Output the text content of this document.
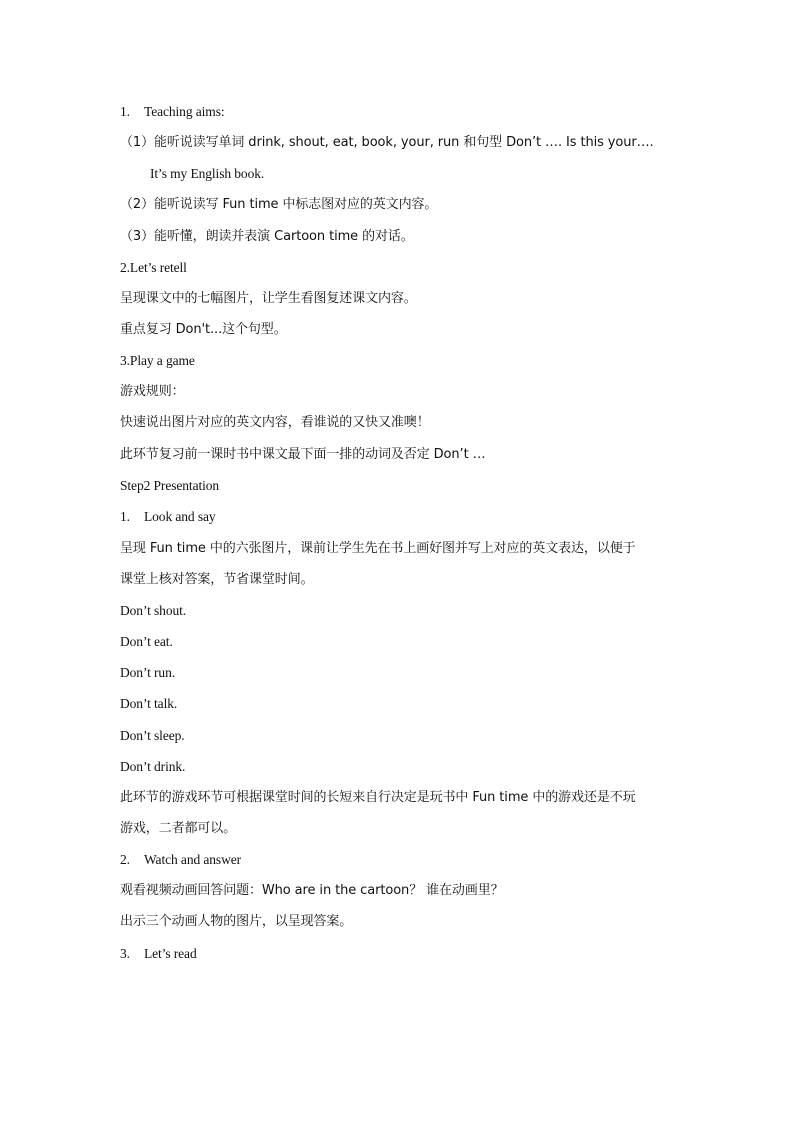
1. Teaching aims:
（1）能听说读写单词 drink, shout, eat, book, your, run 和句型 Don’t …. Is this your….
It’s my English book.
（2）能听说读写 Fun time 中标志图对应的英文内容。
（3）能听懂，朗读并表演 Cartoon time 的对话。
2.Let’s retell
呈现课文中的七幅图片，让学生看图复述课文内容。
重点复习 Don't...这个句型。
3.Play a game
游戏规则：
快速说出图片对应的英文内容，看谁说的又快又准噢！
此环节复习前一课时书中课文最下面一排的动词及否定 Don’t …
Step2 Presentation
1. Look and say
呈现 Fun time 中的六张图片，课前让学生先在书上画好图并写上对应的英文表达，以便于
课堂上核对答案，节省课堂时间。
Don’t shout.
Don’t eat.
Don’t run.
Don’t talk.
Don’t sleep.
Don’t drink.
此环节的游戏环节可根据课堂时间的长短来自行决定是玩书中 Fun time 中的游戏还是不玩
游戏，二者都可以。
2. Watch and answer
观看视频动画回答问题：Who are in the cartoon？ 谁在动画里？
出示三个动画人物的图片，以呈现答案。
3. Let’s read
